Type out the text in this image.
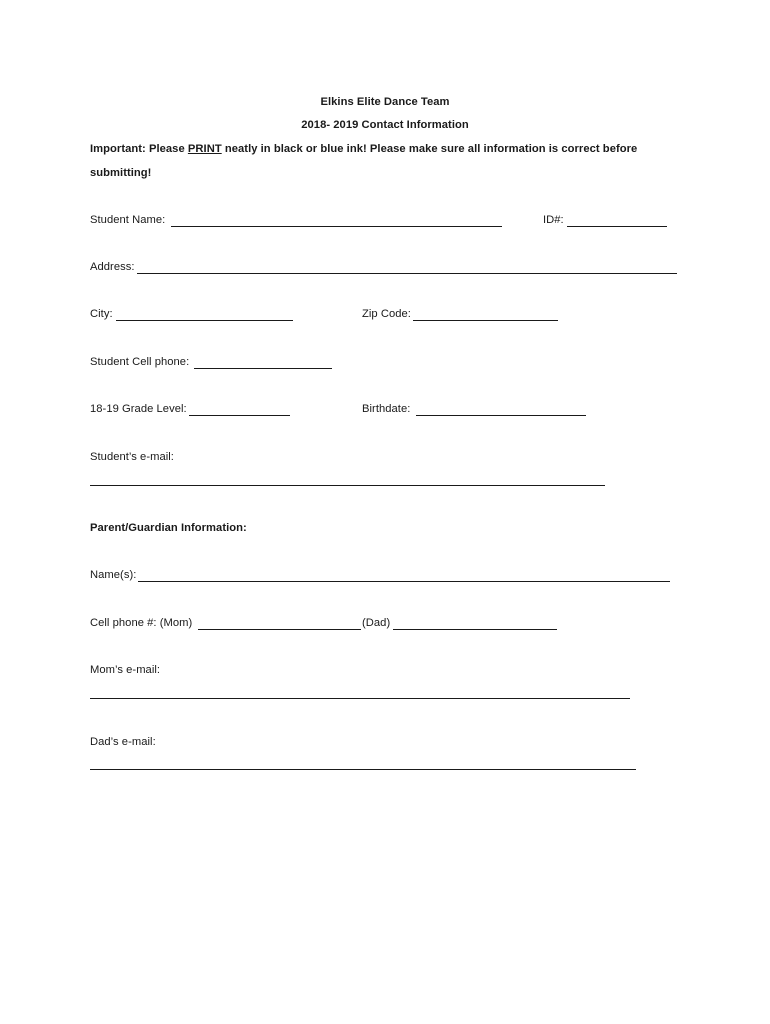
Elkins Elite Dance Team
2018- 2019 Contact Information
Important: Please PRINT neatly in black or blue ink! Please make sure all information is correct before
submitting!
Student Name:	ID#:
Address:
City:	Zip Code:
Student Cell phone:
18-19 Grade Level:	Birthdate:
Student’s e-mail:
Parent/Guardian Information:
Name(s):
Cell phone #: (Mom)	(Dad)
Mom’s e-mail:
Dad’s e-mail:
